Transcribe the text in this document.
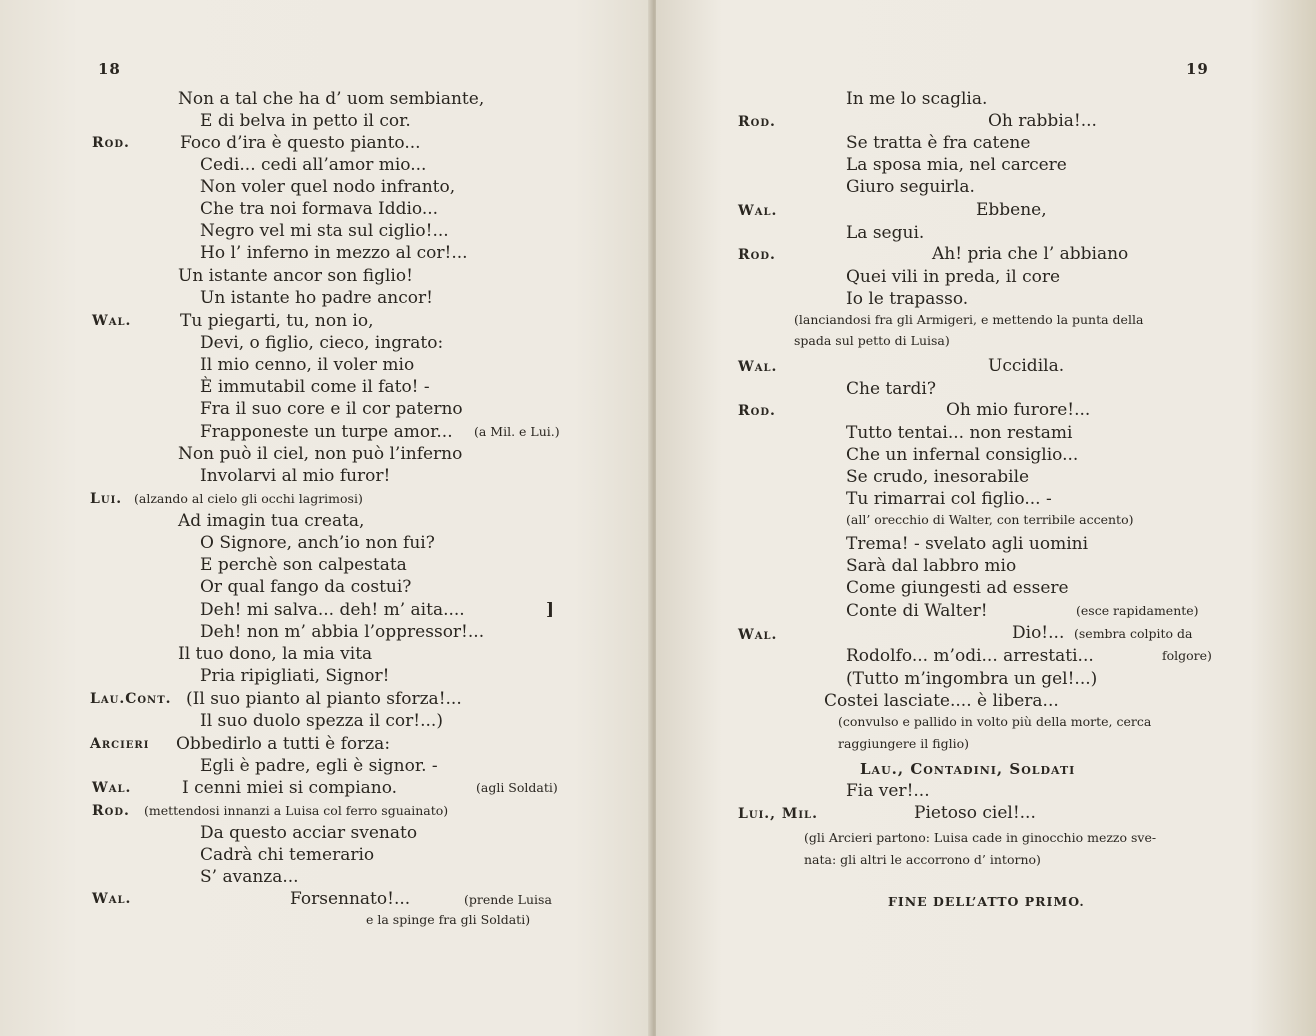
18
Non a tal che ha d’ uom sembiante,
E di belva in petto il cor.
Rod.	Foco d’ira è questo pianto...
Cedi... cedi all’amor mio...
Non voler quel nodo infranto,
Che tra noi formava Iddio...
Negro vel mi sta sul ciglio!...
Ho l’ inferno in mezzo al cor!...
Un istante ancor son figlio!
Un istante ho padre ancor!
Wal.	Tu piegarti, tu, non io,
Devi, o figlio, cieco, ingrato:
Il mio cenno, il voler mio
È immutabil come il fato! -
Fra il suo core e il cor paterno
Frapponeste un turpe amor... (a Mil. e Lui.)
Non può il ciel, non può l’inferno
Involarvi al mio furor!
Lui. (alzando al cielo gli occhi lagrimosi)
Ad imagin tua creata,
O Signore, anch’io non fui?
E perchè son calpestata
Or qual fango da costui?
Deh! mi salva... deh! m’ aita....	]
Deh! non m’ abbia l’oppressor!...
Il tuo dono, la mia vita
Pria ripigliati, Signor!
Lau.Cont. (Il suo pianto al pianto sforza!...
Il suo duolo spezza il cor!...)
Arcieri Obbedirlo a tutti è forza:
Egli è padre, egli è signor. -
Wal.	I cenni miei si compiano.	(agli Soldati)
Rod. (mettendosi innanzi a Luisa col ferro sguainato)
Da questo acciar svenato
Cadrà chi temerario
S’ avanza...
Wal.	Forsennato!...	(prende Luisa
e la spinge fra gli Soldati)
19
In me lo scaglia.
Rod.	Oh rabbia!...
Se tratta è fra catene
La sposa mia, nel carcere
Giuro seguirla.
Wal.	Ebbene,
La segui.
Rod.	Ah! pria che l’ abbiano
Quei vili in preda, il core
Io le trapasso.
(lanciandosi fra gli Armigeri, e mettendo la punta della
spada sul petto di Luisa)
Wal.	Uccidila.
Che tardi?
Rod.	Oh mio furore!...
Tutto tentai... non restami
Che un infernal consiglio...
Se crudo, inesorabile
Tu rimarrai col figlio... -
(all’ orecchio di Walter, con terribile accento)
Trema! - svelato agli uomini
Sarà dal labbro mio
Come giungesti ad essere
Conte di Walter!	(esce rapidamente)
Wal.	Dio!... (sembra colpito da
Rodolfo... m’odi... arrestati...	folgore)
(Tutto m’ingombra un gel!...)
Costei lasciate.... è libera...
(convulso e pallido in volto più della morte, cerca
raggiungere il figlio)
Lau., Contadini, Soldati
Fia ver!...
Lui., Mil.	Pietoso ciel!...
(gli Arcieri partono: Luisa cade in ginocchio mezzo sve-
nata: gli altri le accorrono d’ intorno)
FINE DELL’ATTO PRIMO.
